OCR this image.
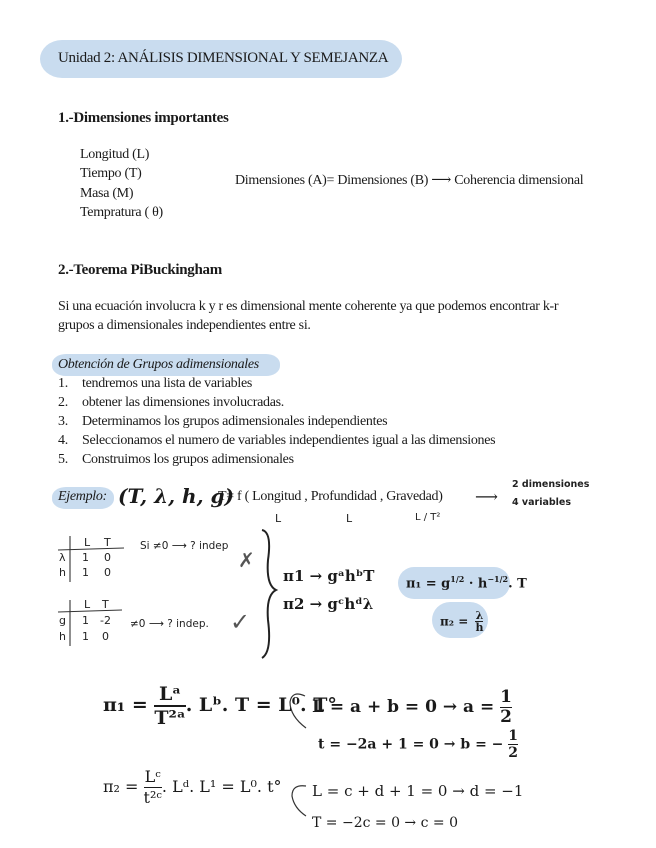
Unidad 2: ANÁLISIS DIMENSIONAL Y SEMEJANZA
1.-Dimensiones importantes
Longitud (L)
Tiempo (T)
Masa (M)
Tempratura ( θ)
Dimensiones (A)= Dimensiones (B) ⟶ Coherencia dimensional
2.-Teorema PiBuckingham
Si una ecuación involucra k y r es dimensional mente coherente ya que podemos encontrar k-r
grupos a dimensionales independientes entre si.
Obtención de Grupos adimensionales
1. tendremos una lista de variables
2. obtener las dimensiones involucradas.
3. Determinamos los grupos adimensionales independientes
4. Seleccionamos el numero de variables independientes igual a las dimensiones
5. Construimos los grupos adimensionales
Ejemplo: (T, λ, h, g)
T= f ( Longitud , Profundidad , Gravedad) ⟶
2 dimensiones
4 variables
L	L	L / T²
L T
λ 1 0
h 1 0
Si ≠0 ⟶ ? indep
✗
L T
g 1 -2
h 1 0
≠0 ⟶ ? indep. ✓
π1 → gᵃhᵇT
π2 → gᶜhᵈλ
$\pi_1 = g^{1/2} \cdot h^{-1/2}$. T
$\pi_2 = \frac{\lambda}{h}$
$\pi_1 = \frac{\text{Lᵃ}}{\text{T²ᵃ}}$ . Lᵇ. T = L⁰. T°
$L = a + b = 0 \to a = \frac{1}{2}$
t = −2a + 1 = 0 → b = − $\frac{1}{2}$
$\pi_2 = \frac{\text{Lᶜ}}{\text{t²ᶜ}}$ . Lᵈ. L¹ = L⁰. t° L = c + d + 1 = 0 → d = −1
T = −2c = 0 → c = 0
